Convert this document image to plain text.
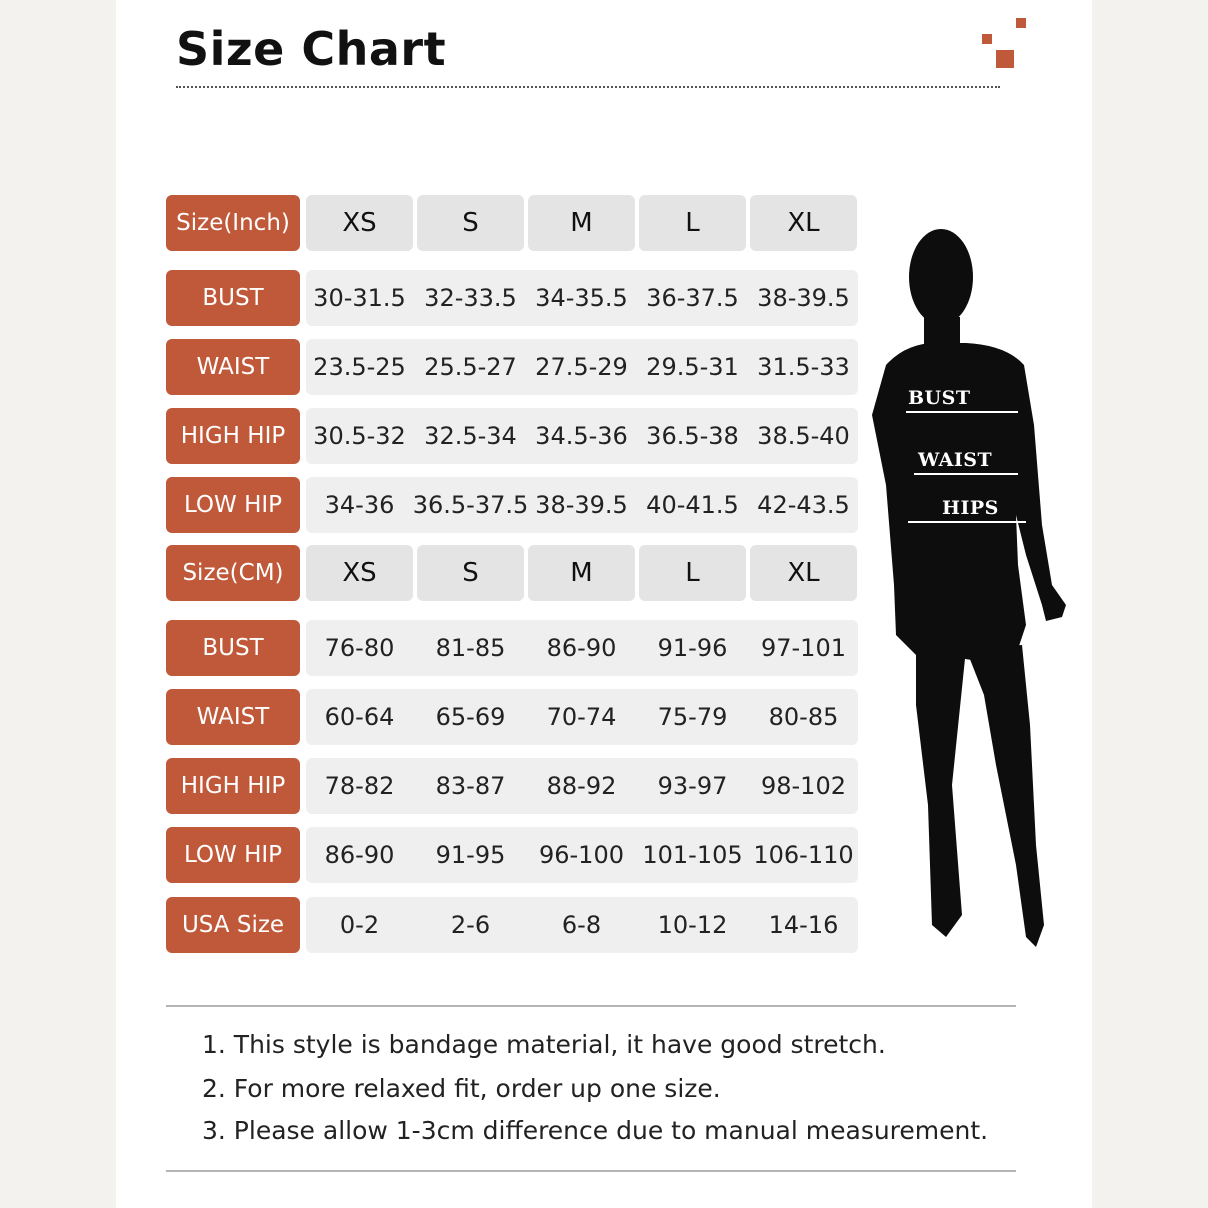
Size Chart
Size(Inch)	XS	S	M	L	XL
BUST	30-31.5 32-33.5 34-35.5 36-37.5 38-39.5
WAIST	23.5-25 25.5-27 27.5-29 29.5-31 31.5-33
HIGH HIP	30.5-32 32.5-34 34.5-36 36.5-38 38.5-40
LOW HIP	34-36 36.5-37.5 38-39.5 40-41.5 42-43.5
Size(CM)	XS	S	M	L	XL
BUST	76-80	81-85	86-90	91-96	97-101
WAIST	60-64	65-69	70-74	75-79	80-85
HIGH HIP	78-82	83-87	88-92	93-97	98-102
LOW HIP	86-90	91-95	96-100 101-105 106-110
USA Size	0-2	2-6	6-8	10-12	14-16
BUST
WAIST
HIPS
1. This style is bandage material, it have good stretch.
2. For more relaxed fit, order up one size.
3. Please allow 1-3cm difference due to manual measurement.
